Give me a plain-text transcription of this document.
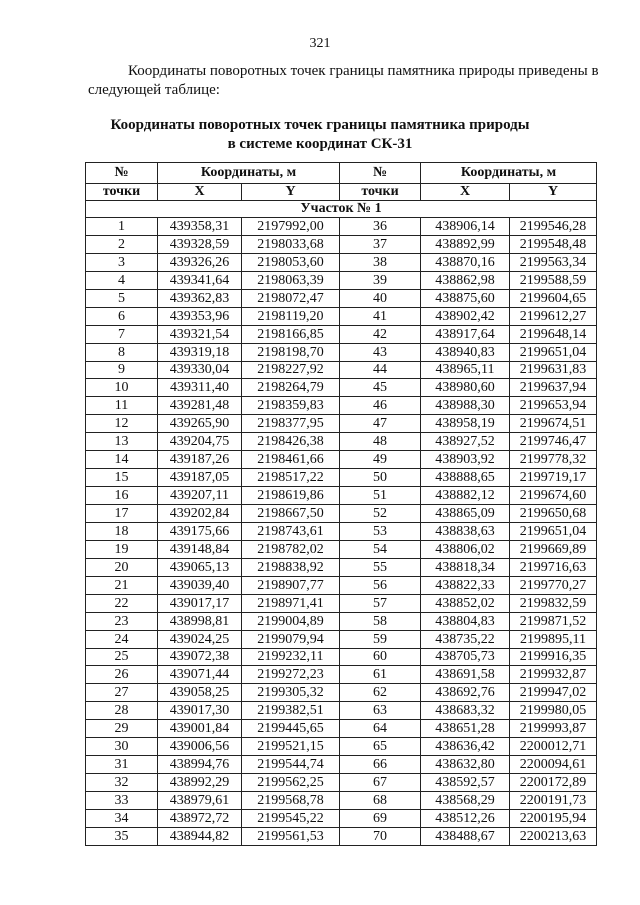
321

Координаты поворотных точек границы памятника природы приведены в следующей таблице:

Координаты поворотных точек границы памятника природы
в системе координат СК-31
№	Координаты, м		№	Координаты, м	
точки	X	Y	точки	X	Y
Участок № 1					
1	439358,31	2197992,00	36	438906,14	2199546,28
2	439328,59	2198033,68	37	438892,99	2199548,48
3	439326,26	2198053,60	38	438870,16	2199563,34
4	439341,64	2198063,39	39	438862,98	2199588,59
5	439362,83	2198072,47	40	438875,60	2199604,65
6	439353,96	2198119,20	41	438902,42	2199612,27
7	439321,54	2198166,85	42	438917,64	2199648,14
8	439319,18	2198198,70	43	438940,83	2199651,04
9	439330,04	2198227,92	44	438965,11	2199631,83
10	439311,40	2198264,79	45	438980,60	2199637,94
11	439281,48	2198359,83	46	438988,30	2199653,94
12	439265,90	2198377,95	47	438958,19	2199674,51
13	439204,75	2198426,38	48	438927,52	2199746,47
14	439187,26	2198461,66	49	438903,92	2199778,32
15	439187,05	2198517,22	50	438888,65	2199719,17
16	439207,11	2198619,86	51	438882,12	2199674,60
17	439202,84	2198667,50	52	438865,09	2199650,68
18	439175,66	2198743,61	53	438838,63	2199651,04
19	439148,84	2198782,02	54	438806,02	2199669,89
20	439065,13	2198838,92	55	438818,34	2199716,63
21	439039,40	2198907,77	56	438822,33	2199770,27
22	439017,17	2198971,41	57	438852,02	2199832,59
23	438998,81	2199004,89	58	438804,83	2199871,52
24	439024,25	2199079,94	59	438735,22	2199895,11
25	439072,38	2199232,11	60	438705,73	2199916,35
26	439071,44	2199272,23	61	438691,58	2199932,87
27	439058,25	2199305,32	62	438692,76	2199947,02
28	439017,30	2199382,51	63	438683,32	2199980,05
29	439001,84	2199445,65	64	438651,28	2199993,87
30	439006,56	2199521,15	65	438636,42	2200012,71
31	438994,76	2199544,74	66	438632,80	2200094,61
32	438992,29	2199562,25	67	438592,57	2200172,89
33	438979,61	2199568,78	68	438568,29	2200191,73
34	438972,72	2199545,22	69	438512,26	2200195,94
35	438944,82	2199561,53	70	438488,67	2200213,63
